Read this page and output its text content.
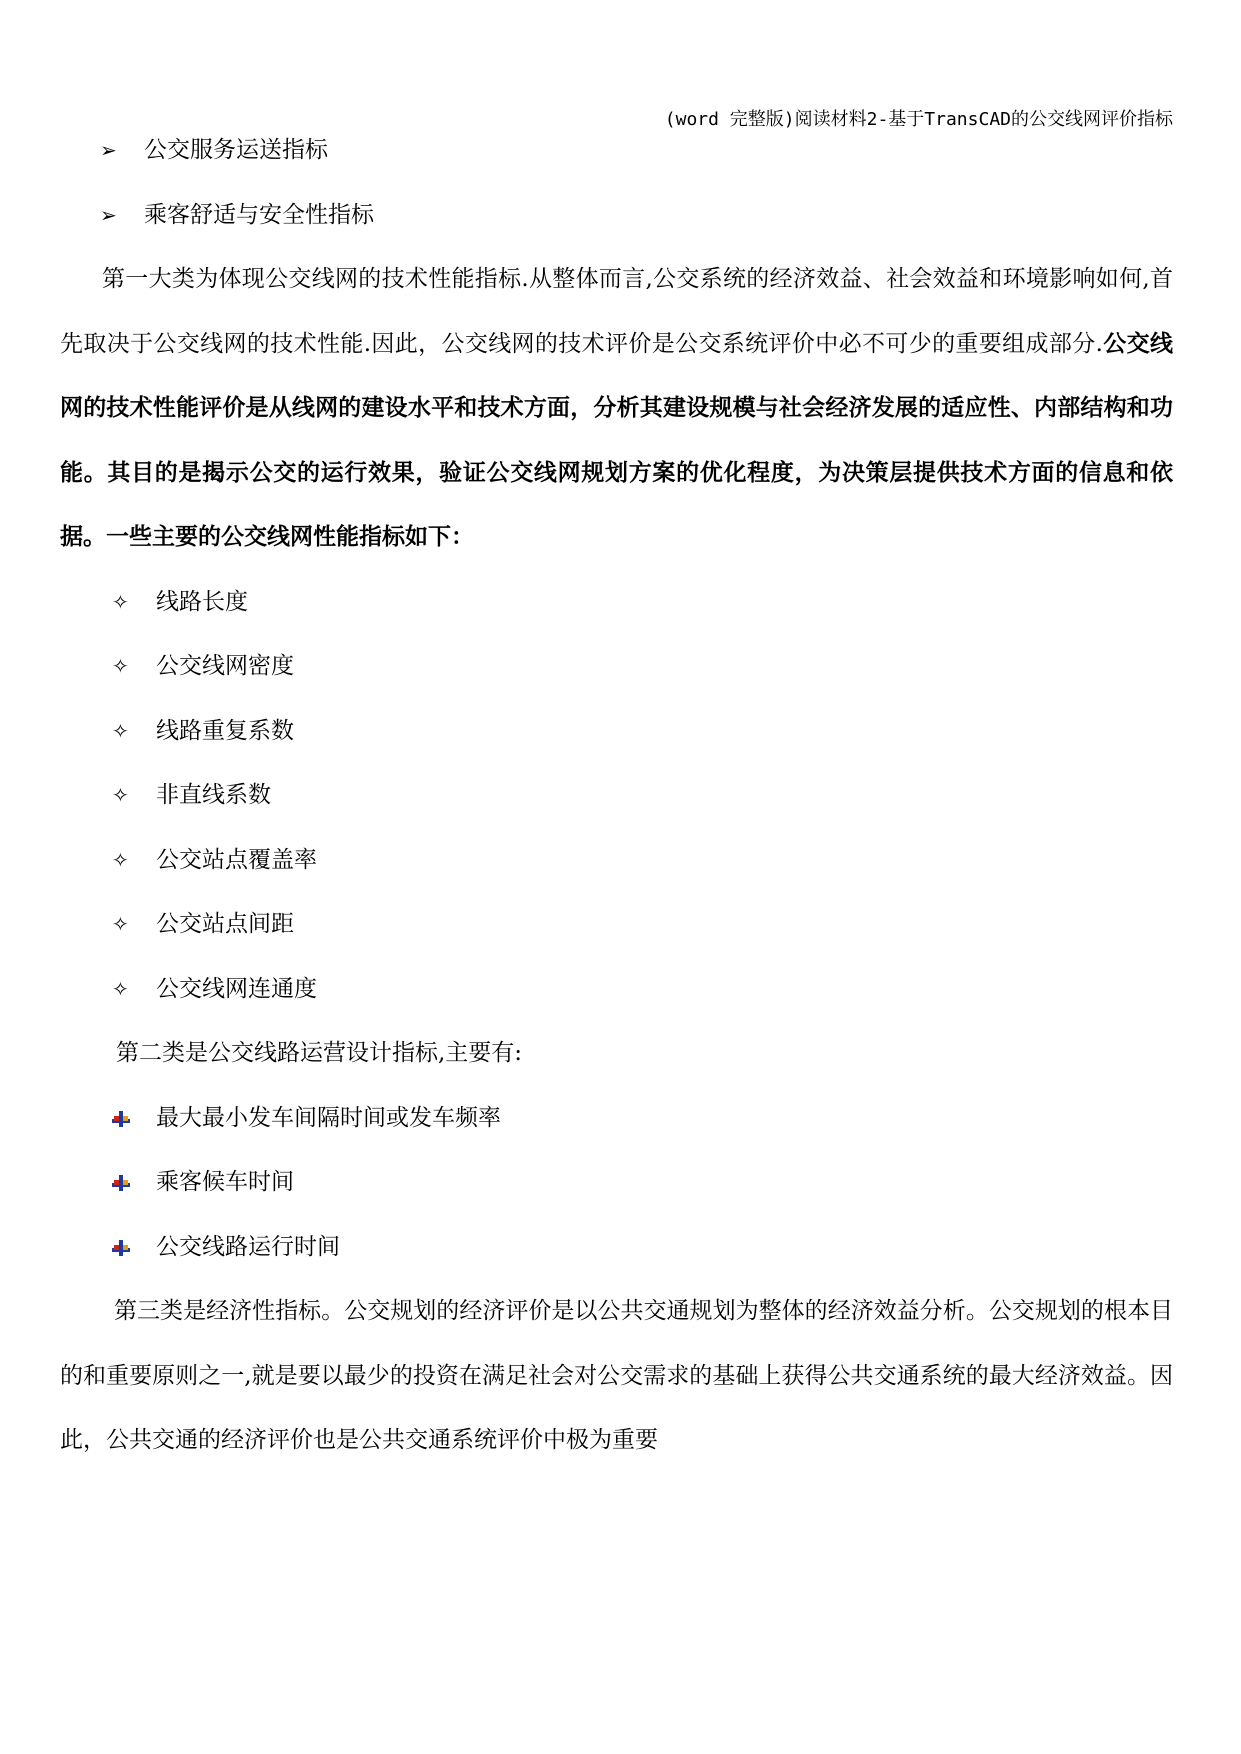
(word 完整版)阅读材料2-基于TransCAD的公交线网评价指标
➢ 公交服务运送指标
➢ 乘客舒适与安全性指标

第一大类为体现公交线网的技术性能指标.从整体而言,公交系统的经济效益、社会效益和环境影响如何,首先取决于公交线网的技术性能.因此，公交线网的技术评价是公交系统评价中必不可少的重要组成部分.公交线网的技术性能评价是从线网的建设水平和技术方面，分析其建设规模与社会经济发展的适应性、内部结构和功能。其目的是揭示公交的运行效果，验证公交线网规划方案的优化程度，为决策层提供技术方面的信息和依据。一些主要的公交线网性能指标如下：

✧ 线路长度
✧ 公交线网密度
✧ 线路重复系数
✧ 非直线系数
✧ 公交站点覆盖率
✧ 公交站点间距
✧ 公交线网连通度
第二类是公交线路运营设计指标,主要有:
最大最小发车间隔时间或发车频率
乘客候车时间
公交线路运行时间

第三类是经济性指标。公交规划的经济评价是以公共交通规划为整体的经济效益分析。公交规划的根本目的和重要原则之一,就是要以最少的投资在满足社会对公交需求的基础上获得公共交通系统的最大经济效益。因此，公共交通的经济评价也是公共交通系统评价中极为重要
